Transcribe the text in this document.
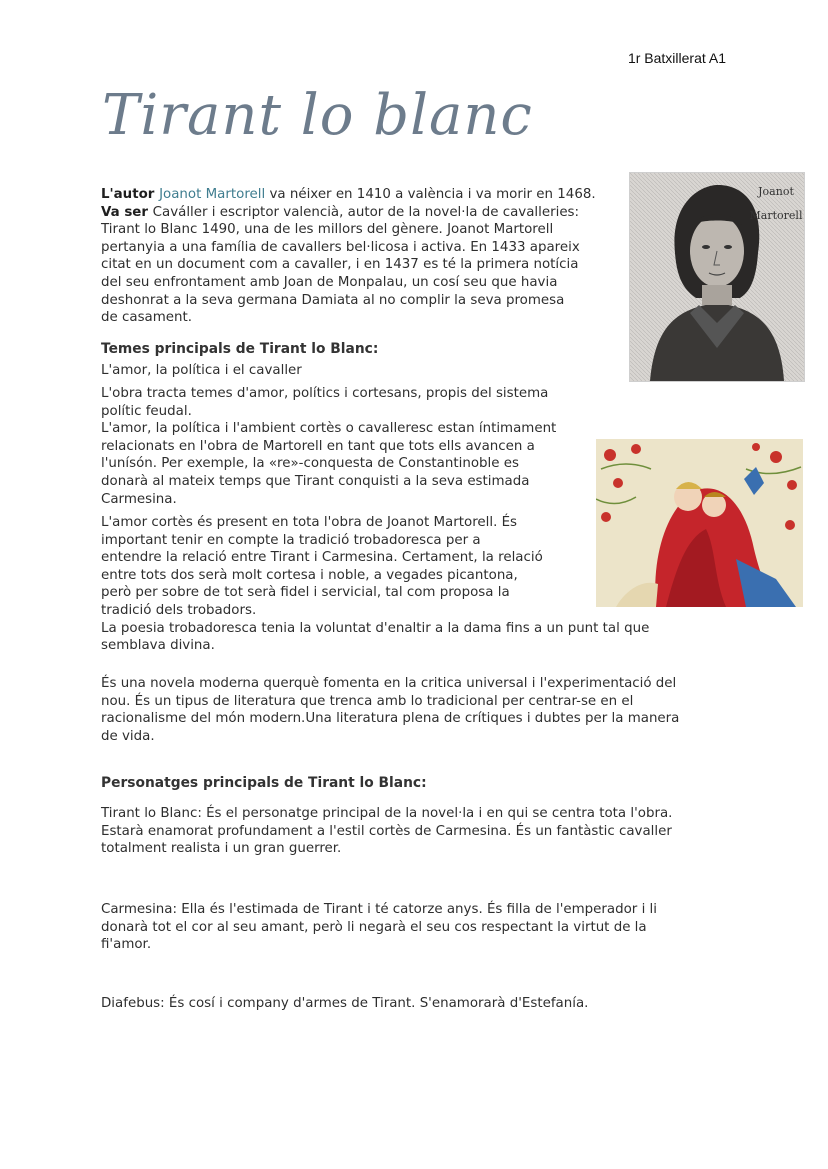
1r Batxillerat A1
Tirant lo blanc
L'autor Joanot Martorell va néixer en 1410 a valència i va morir en 1468.
Va ser Caváller i escriptor valencià, autor de la novel·la de cavalleries:
Tirant lo Blanc 1490, una de les millors del gènere. Joanot Martorell
pertanyia a una família de cavallers bel·licosa i activa. En 1433 apareix
citat en un document com a cavaller, i en 1437 es té la primera notícia
del seu enfrontament amb Joan de Monpalau, un cosí seu que havia
deshonrat a la seva germana Damiata al no complir la seva promesa
de casament.
Joanot
Martorell
Temes principals de Tirant lo Blanc:
L'amor, la política i el cavaller
L'obra tracta temes d'amor, polítics i cortesans, propis del sistema
polític feudal.
L'amor, la política i l'ambient cortès o cavalleresc estan íntimament
relacionats en l'obra de Martorell en tant que tots ells avancen a
l'unísón. Per exemple, la «re»-conquesta de Constantinoble es
donarà al mateix temps que Tirant conquisti a la seva estimada
Carmesina.
L'amor cortès és present en tota l'obra de Joanot Martorell. És
important tenir en compte la tradició trobadoresca per a
entendre la relació entre Tirant i Carmesina. Certament, la relació
entre tots dos serà molt cortesa i noble, a vegades picantona,
però per sobre de tot serà fidel i servicial, tal com proposa la
tradició dels trobadors.
La poesia trobadoresca tenia la voluntat d'enaltir a la dama fins a un punt tal que
semblava divina.
És una novela moderna querquè fomenta en la critica universal i l'experimentació del
nou. És un tipus de literatura que trenca amb lo tradicional per centrar-se en el
racionalisme del món modern.Una literatura plena de crítiques i dubtes per la manera
de vida.
Personatges principals de Tirant lo Blanc:
Tirant lo Blanc: És el personatge principal de la novel·la i en qui se centra tota l'obra.
Estarà enamorat profundament a l'estil cortès de Carmesina. És un fantàstic cavaller
totalment realista i un gran guerrer.
Carmesina: Ella és l'estimada de Tirant i té catorze anys. És filla de l'emperador i li
donarà tot el cor al seu amant, però li negarà el seu cos respectant la virtut de la
fi'amor.
Diafebus: És cosí i company d'armes de Tirant. S'enamorarà d'Estefanía.
